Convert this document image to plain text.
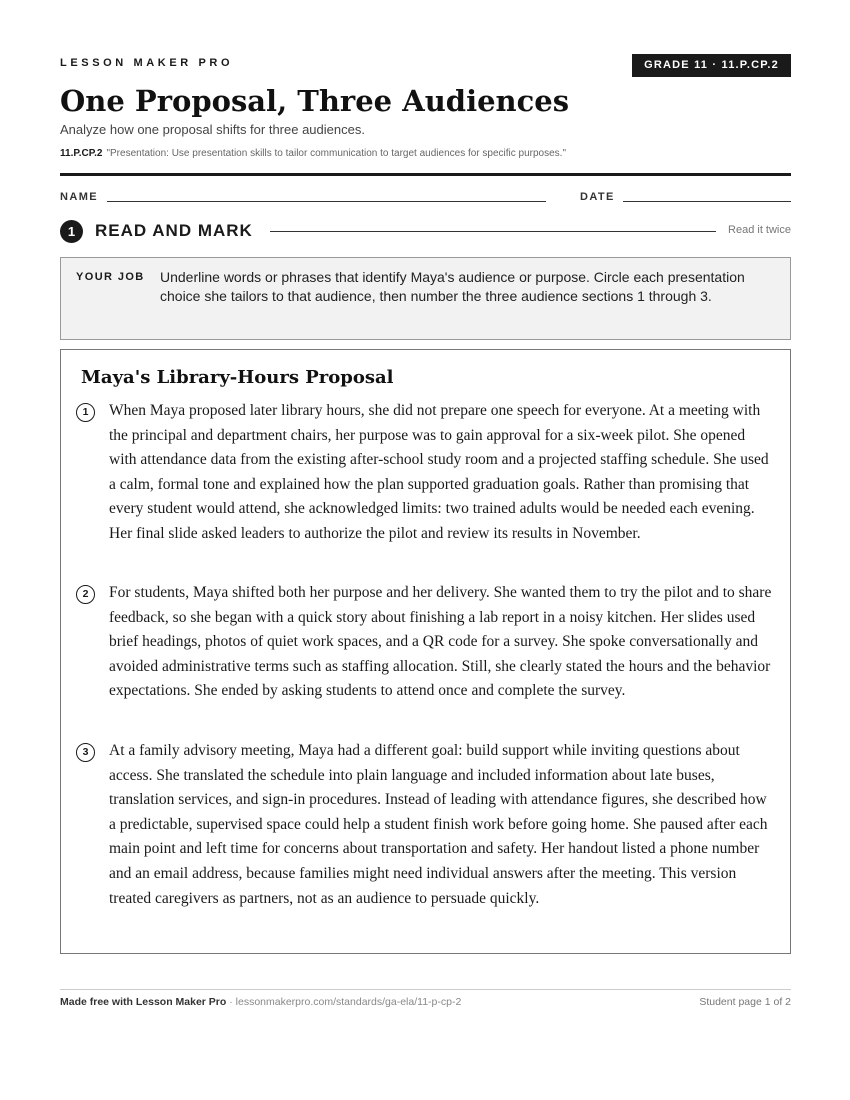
LESSON MAKER PRO	GRADE 11 · 11.P.CP.2
One Proposal, Three Audiences
Analyze how one proposal shifts for three audiences.
11.P.CP.2 "Presentation: Use presentation skills to tailor communication to target audiences for specific purposes."
NAME	DATE
1	READ AND MARK	Read it twice
YOUR JOB Underline words or phrases that identify Maya's audience or purpose. Circle each presentation choice she tailors to that audience, then number the three audience sections 1 through 3.
Maya's Library-Hours Proposal
1	When Maya proposed later library hours, she did not prepare one speech for everyone. At a meeting with the principal and department chairs, her purpose was to gain approval for a six-week pilot. She opened with attendance data from the existing after-school study room and a projected staffing schedule. She used a calm, formal tone and explained how the plan supported graduation goals. Rather than promising that every student would attend, she acknowledged limits: two trained adults would be needed each evening. Her final slide asked leaders to authorize the pilot and review its results in November.
2	For students, Maya shifted both her purpose and her delivery. She wanted them to try the pilot and to share feedback, so she began with a quick story about finishing a lab report in a noisy kitchen. Her slides used brief headings, photos of quiet work spaces, and a QR code for a survey. She spoke conversationally and avoided administrative terms such as staffing allocation. Still, she clearly stated the hours and the behavior expectations. She ended by asking students to attend once and complete the survey.
3	At a family advisory meeting, Maya had a different goal: build support while inviting questions about access. She translated the schedule into plain language and included information about late buses, translation services, and sign-in procedures. Instead of leading with attendance figures, she described how a predictable, supervised space could help a student finish work before going home. She paused after each main point and left time for concerns about transportation and safety. Her handout listed a phone number and an email address, because families might need individual answers after the meeting. This version treated caregivers as partners, not as an audience to persuade quickly.
Made free with Lesson Maker Pro · lessonmakerpro.com/standards/ga-ela/11-p-cp-2	Student page 1 of 2
